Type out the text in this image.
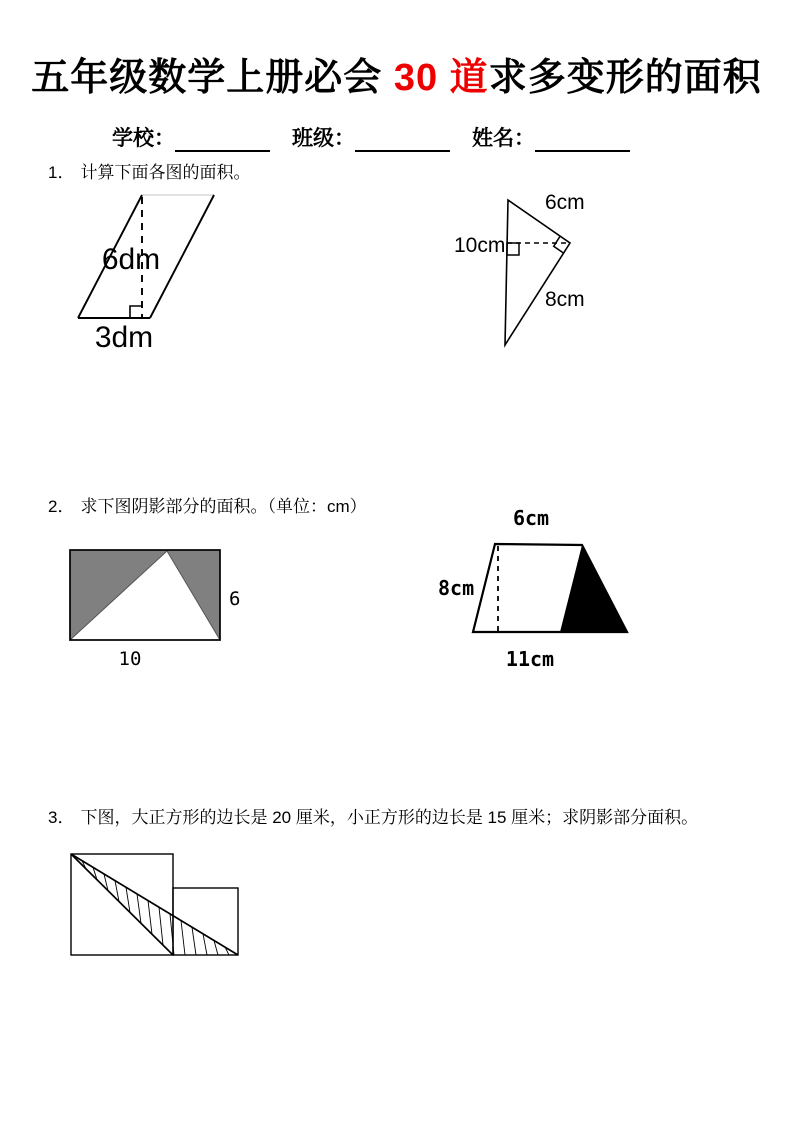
五年级数学上册必会 30 道求多变形的面积
学校：	班级：	姓名：
1． 计算下面各图的面积。
6dm
3dm
6cm
10cm
8cm
2． 求下图阴影部分的面积。（单位：cm）
6
10
6cm
8cm
11cm
3． 下图，大正方形的边长是 20 厘米，小正方形的边长是 15 厘米；求阴影部分面积。
